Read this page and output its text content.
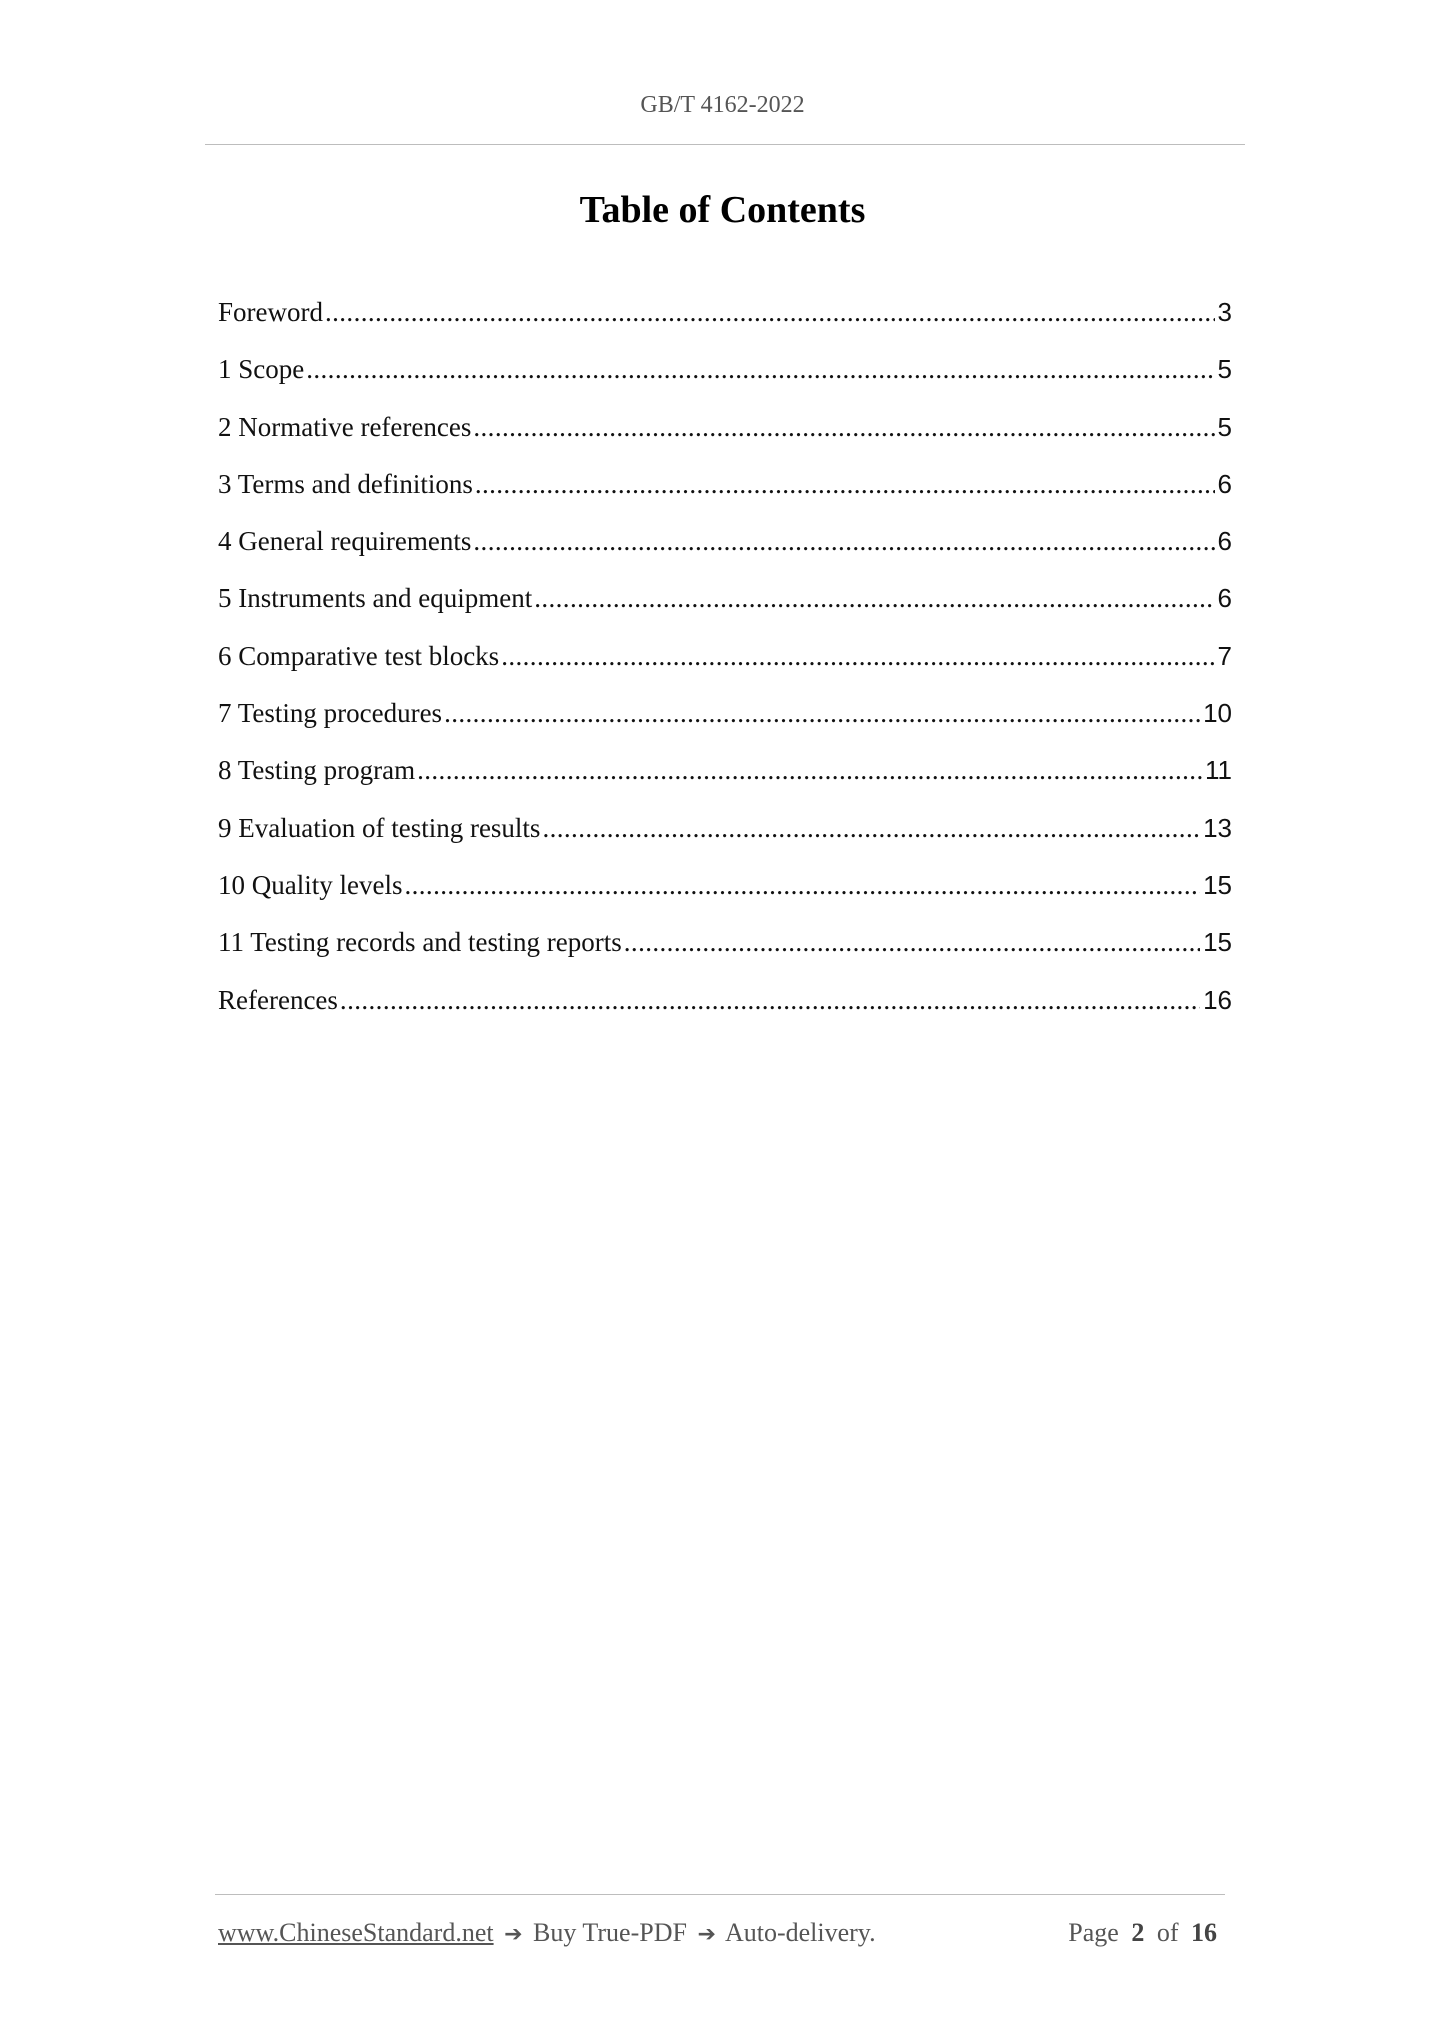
GB/T 4162-2022
Table of Contents
Foreword .....	3
1 Scope .....	5
2 Normative references .....	5
3 Terms and definitions .....	6
4 General requirements .....	6
5 Instruments and equipment .....	6
6 Comparative test blocks .....	7
7 Testing procedures .....	10
8 Testing program .....	11
9 Evaluation of testing results .....	13
10 Quality levels .....	15
11 Testing records and testing reports .....	15
References .....	16
www.ChineseStandard.net ➔ Buy True-PDF ➔ Auto-delivery.	Page 2 of 16
